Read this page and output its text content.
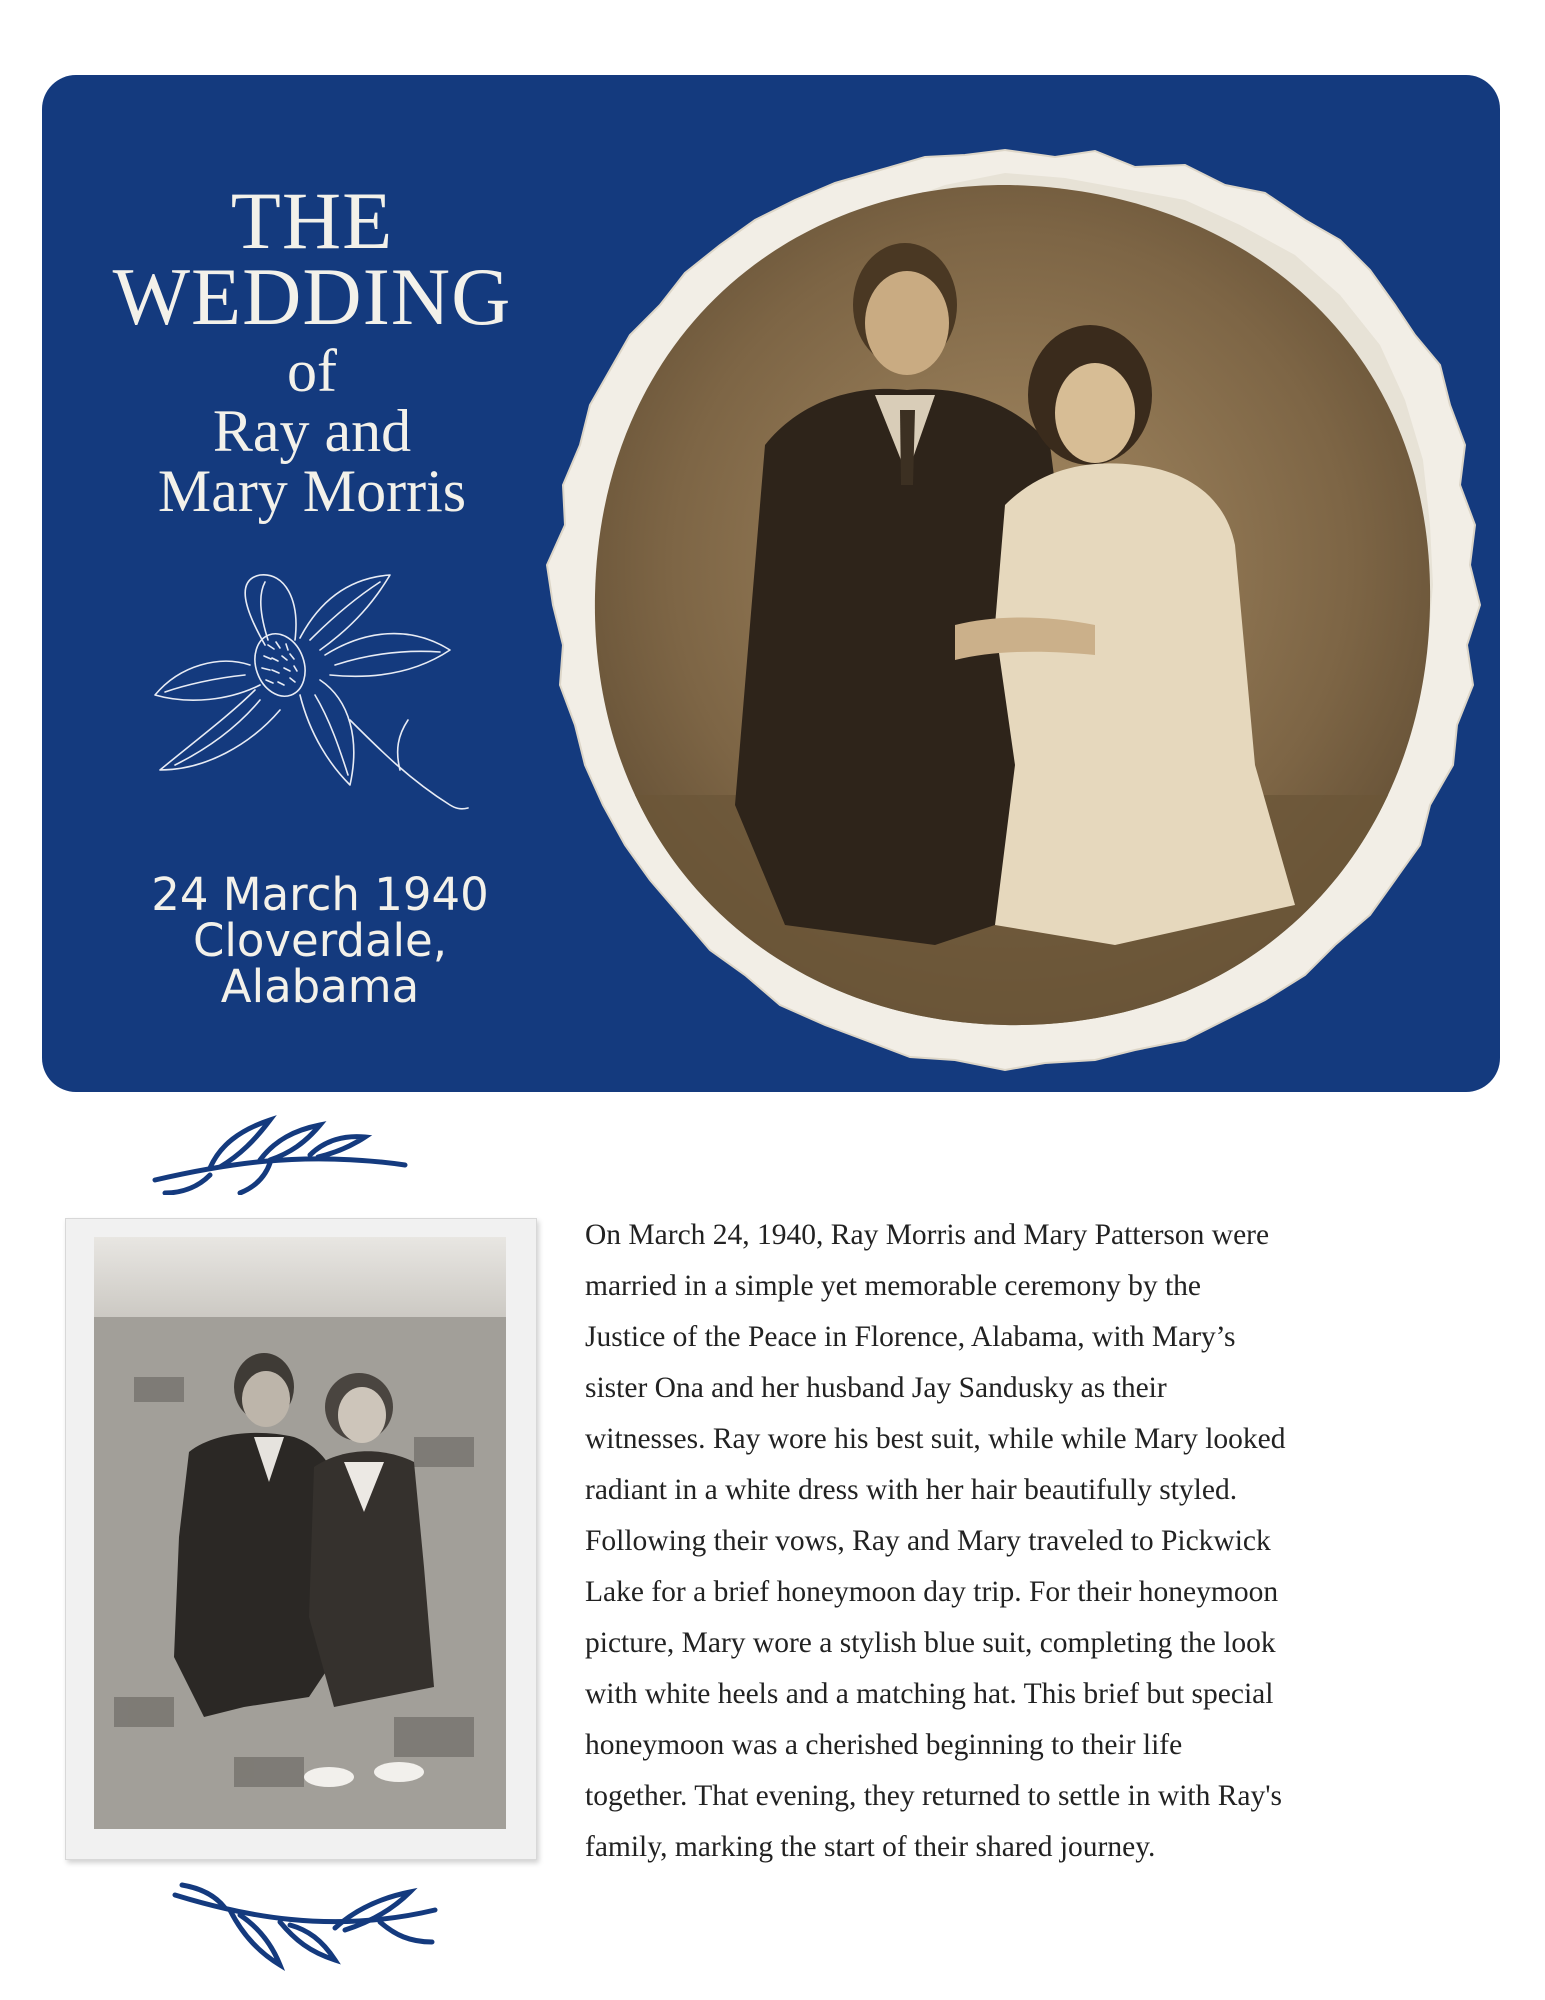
THE
WEDDING
of
Ray and
Mary Morris
24 March 1940
Cloverdale,
Alabama
On March 24, 1940, Ray Morris and Mary Patterson were
married in a simple yet memorable ceremony by the
Justice of the Peace in Florence, Alabama, with Mary’s
sister Ona and her husband Jay Sandusky as their
witnesses. Ray wore his best suit, while while Mary looked
radiant in a white dress with her hair beautifully styled.
Following their vows, Ray and Mary traveled to Pickwick
Lake for a brief honeymoon day trip. For their honeymoon
picture, Mary wore a stylish blue suit, completing the look
with white heels and a matching hat. This brief but special
honeymoon was a cherished beginning to their life
together. That evening, they returned to settle in with Ray's
family, marking the start of their shared journey.
